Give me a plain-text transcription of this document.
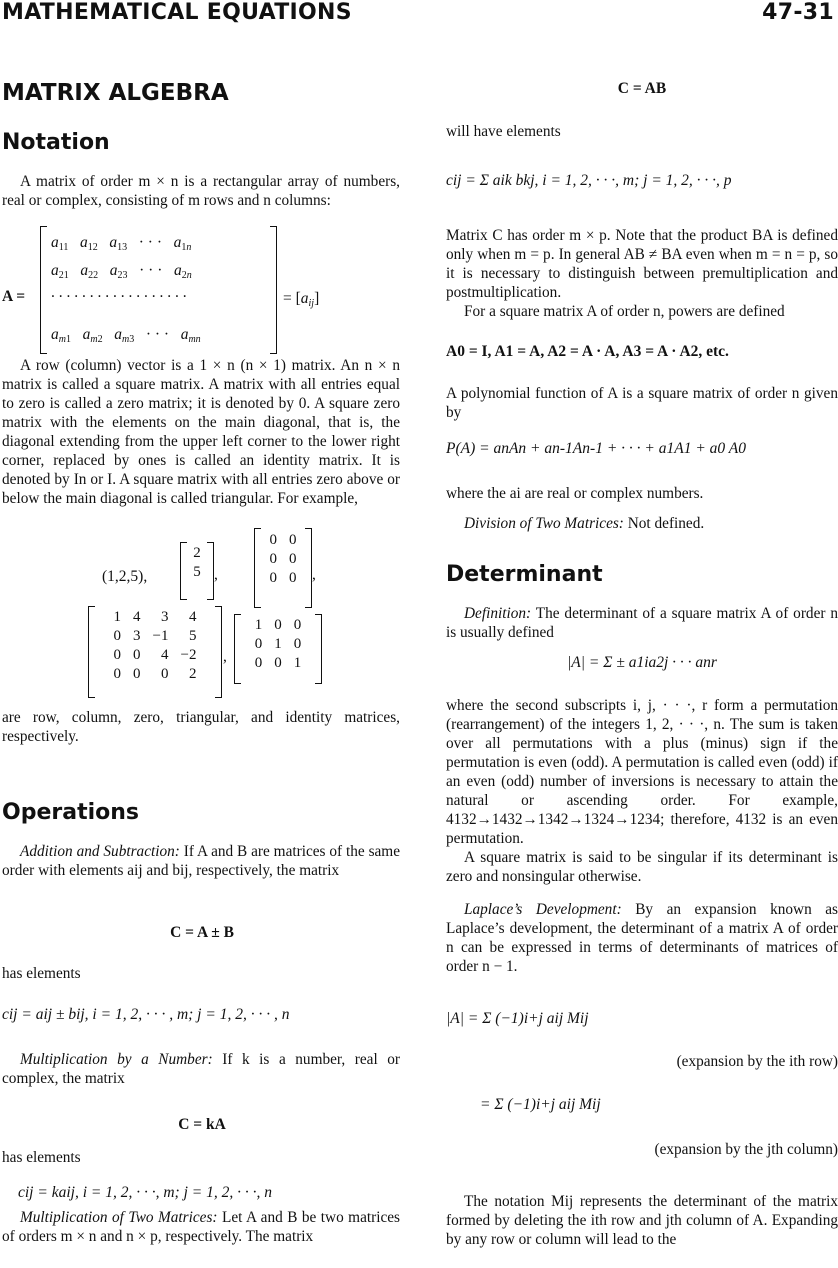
MATHEMATICAL EQUATIONS	47-31
MATRIX ALGEBRA
Notation
A matrix of order m × n is a rectangular array of numbers, real or complex, consisting of m rows and n columns:
A =
$a_{11}$ $a_{12}$ $a_{13}$   · · ·   $a_{1n}$
$a_{21}$ $a_{22}$ $a_{23}$   · · ·   $a_{2n}$
. . . . . . . . . . . . . . . . . .
$a_{m1}$ $a_{m2}$ $a_{m3}$   · · ·   $a_{mn}$
= $[a_{ij}]$
A row (column) vector is a 1 × n (n × 1) matrix. An n × n matrix is called a square matrix. A matrix with all entries equal to zero is called a zero matrix; it is denoted by 0. A square zero matrix with the elements on the main diagonal, that is, the diagonal extending from the upper left corner to the lower right corner, replaced by ones is called an identity matrix. It is denoted by In or I. A square matrix with all entries zero above or below the main diagonal is called triangular. For example,
(1,2,5),
2
5 ,
0	0
0	0
0	0 ,
1	4	3	4
0	3	−1	5
0	0	4	−2
0	0	0	2
,
1	0	0
0	1	0
0	0	1
are row, column, zero, triangular, and identity matrices, respectively.
Operations
Addition and Subtraction: If A and B are matrices of the same order with elements aij and bij, respectively, the matrix
C = A ± B
has elements
cij = aij ± bij, i = 1, 2, · · · , m; j = 1, 2, · · · , n
Multiplication by a Number: If k is a number, real or complex, the matrix
C = kA
has elements
cij = kaij, i = 1, 2, · · ·, m; j = 1, 2, · · ·, n
Multiplication of Two Matrices: Let A and B be two matrices of orders m × n and n × p, respectively. The matrix
C = AB
will have elements
cij = Σ aik bkj, i = 1, 2, · · ·, m; j = 1, 2, · · ·, p
Matrix C has order m × p. Note that the product BA is defined only when m = p. In general AB ≠ BA even when m = n = p, so it is necessary to distinguish between premultiplication and postmultiplication.
For a square matrix A of order n, powers are defined
A0 = I, A1 = A, A2 = A · A, A3 = A · A2, etc.
A polynomial function of A is a square matrix of order n given by
P(A) = anAn + an-1An-1 + · · · + a1A1 + a0 A0
where the ai are real or complex numbers.
Division of Two Matrices: Not defined.
Determinant
Definition: The determinant of a square matrix A of order n is usually defined
|A| = Σ ± a1ia2j · · · anr
where the second subscripts i, j, · · ·, r form a permutation (rearrangement) of the integers 1, 2, · · ·, n. The sum is taken over all permutations with a plus (minus) sign if the permutation is even (odd). A permutation is called even (odd) if an even (odd) number of inversions is necessary to attain the natural or ascending order. For example, 4132→1432→1342→1324→1234; therefore, 4132 is an even permutation.
A square matrix is said to be singular if its determinant is zero and nonsingular otherwise.
Laplace’s Development: By an expansion known as Laplace’s development, the determinant of a matrix A of order n can be expressed in terms of determinants of matrices of order n − 1.
|A| = Σ (−1)i+j aij Mij
(expansion by the ith row)
= Σ (−1)i+j aij Mij
(expansion by the jth column)
The notation Mij represents the determinant of the matrix formed by deleting the ith row and jth column of A. Expanding by any row or column will lead to the
